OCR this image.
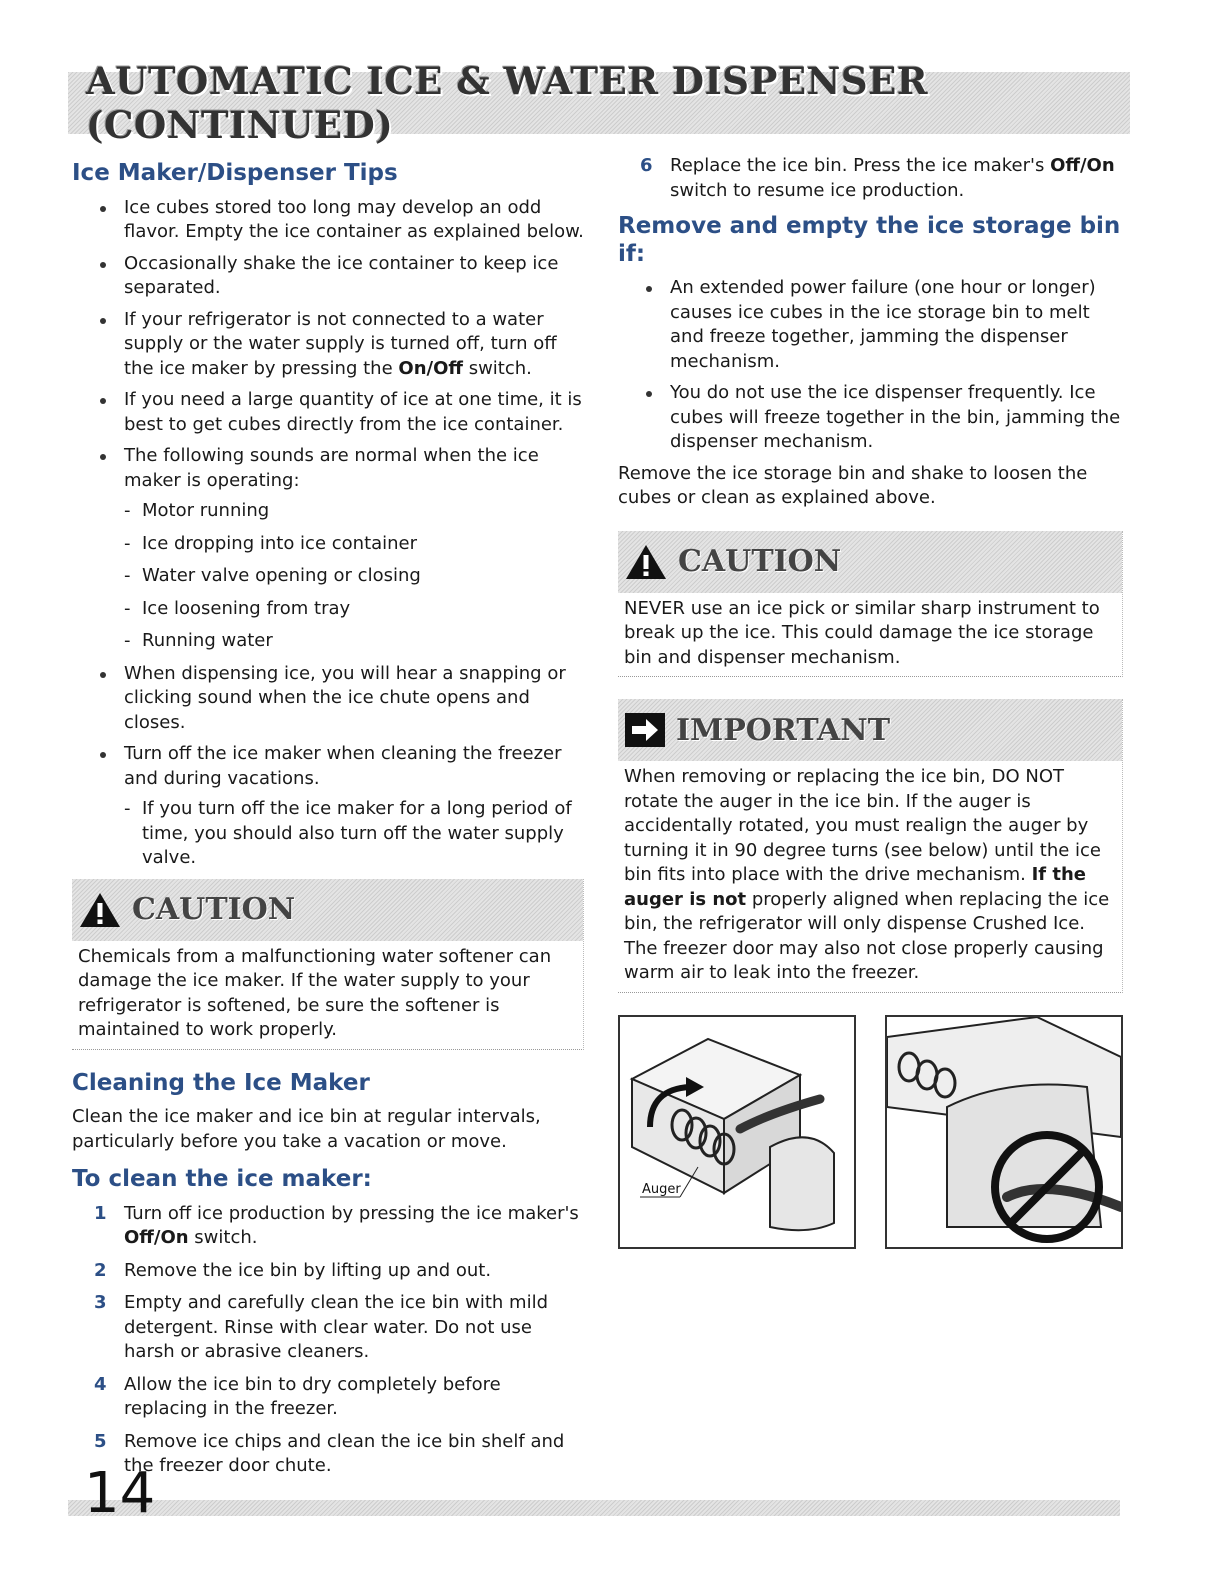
AUTOMATIC ICE & WATER DISPENSER (CONTINUED)
Ice Maker/Dispenser Tips
Ice cubes stored too long may develop an odd flavor. Empty the ice container as explained below.
Occasionally shake the ice container to keep ice separated.
If your refrigerator is not connected to a water supply or the water supply is turned off, turn off the ice maker by pressing the On/Off switch.
If you need a large quantity of ice at one time, it is best to get cubes directly from the ice container.
The following sounds are normal when the ice maker is operating:
- Motor running
- Ice dropping into ice container
- Water valve opening or closing
- Ice loosening from tray
- Running water
When dispensing ice, you will hear a snapping or clicking sound when the ice chute opens and closes.
Turn off the ice maker when cleaning the freezer and during vacations.
- If you turn off the ice maker for a long period of time, you should also turn off the water supply valve.
CAUTION
Chemicals from a malfunctioning water softener can damage the ice maker. If the water supply to your refrigerator is softened, be sure the softener is maintained to work properly.
Cleaning the Ice Maker

Clean the ice maker and ice bin at regular intervals, particularly before you take a vacation or move.

To clean the ice maker:
1 Turn off ice production by pressing the ice maker's Off/On switch.
2 Remove the ice bin by lifting up and out.
3 Empty and carefully clean the ice bin with mild detergent. Rinse with clear water. Do not use harsh or abrasive cleaners.
4 Allow the ice bin to dry completely before replacing in the freezer.
5 Remove ice chips and clean the ice bin shelf and the freezer door chute.
6 Replace the ice bin. Press the ice maker's Off/On switch to resume ice production.
Remove and empty the ice storage bin if:
An extended power failure (one hour or longer) causes ice cubes in the ice storage bin to melt and freeze together, jamming the dispenser mechanism.
You do not use the ice dispenser frequently. Ice cubes will freeze together in the bin, jamming the dispenser mechanism.

Remove the ice storage bin and shake to loosen the cubes or clean as explained above.

CAUTION
NEVER use an ice pick or similar sharp instrument to break up the ice. This could damage the ice storage bin and dispenser mechanism.
IMPORTANT
When removing or replacing the ice bin, DO NOT rotate the auger in the ice bin. If the auger is accidentally rotated, you must realign the auger by turning it in 90 degree turns (see below) until the ice bin fits into place with the drive mechanism. If the auger is not properly aligned when replacing the ice bin, the refrigerator will only dispense Crushed Ice. The freezer door may also not close properly causing warm air to leak into the freezer.
Auger
14
